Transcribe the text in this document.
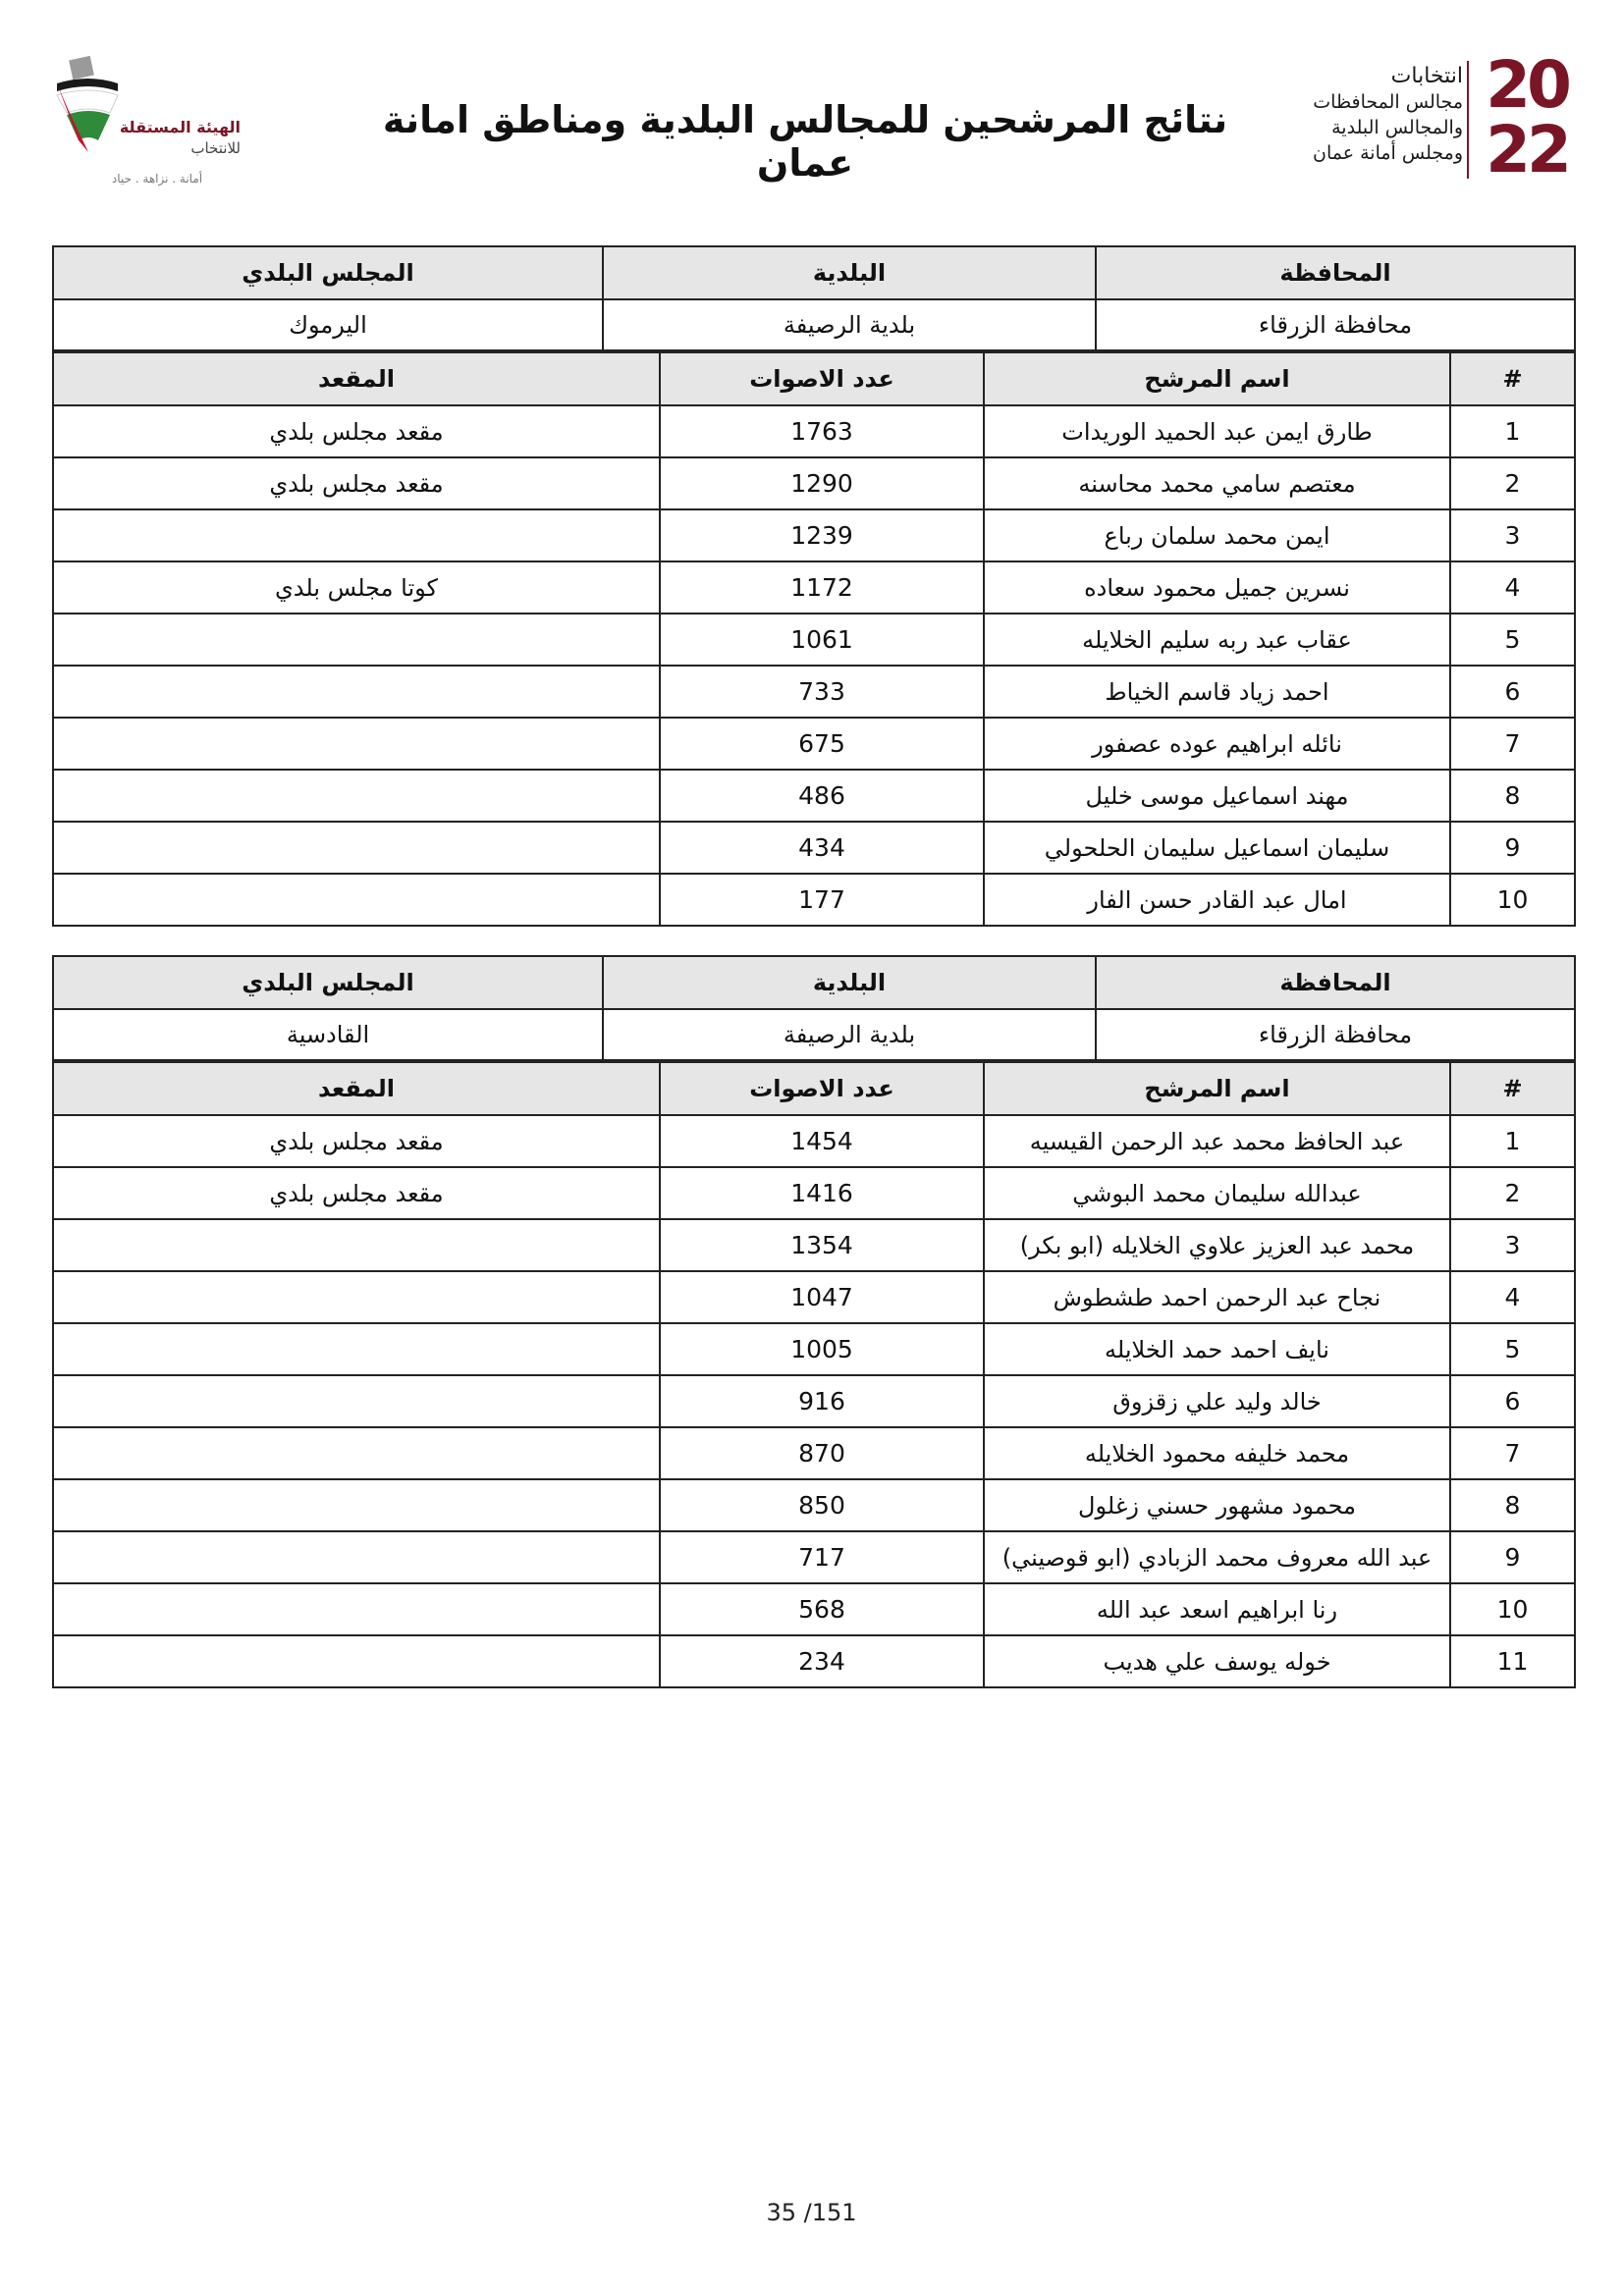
الهيئة المستقلة
للانتخاب
أمانة . نزاهة . حياد
نتائج المرشحين للمجالس البلدية ومناطق امانة عمان
انتخابات
مجالس المحافظات
والمجالس البلدية
ومجلس أمانة عمان
20
22
المحافظة	البلدية	المجلس البلدي
محافظة الزرقاء	بلدية الرصيفة	اليرموك
#	اسم المرشح	عدد الاصوات	المقعد
1	طارق ايمن عبد الحميد الوريدات	1763	مقعد مجلس بلدي
2	معتصم سامي محمد محاسنه	1290	مقعد مجلس بلدي
3	ايمن محمد سلمان رباع	1239	
4	نسرين جميل محمود سعاده	1172	كوتا مجلس بلدي
5	عقاب عبد ربه سليم الخلايله	1061	
6	احمد زياد قاسم الخياط	733	
7	نائله ابراهيم عوده عصفور	675	
8	مهند اسماعيل موسى خليل	486	
9	سليمان اسماعيل سليمان الحلحولي	434	
10	امال عبد القادر حسن الفار	177	
المحافظة	البلدية	المجلس البلدي
محافظة الزرقاء	بلدية الرصيفة	القادسية
#	اسم المرشح	عدد الاصوات	المقعد
1	عبد الحافظ محمد عبد الرحمن القيسيه	1454	مقعد مجلس بلدي
2	عبدالله سليمان محمد البوشي	1416	مقعد مجلس بلدي
3	محمد عبد العزيز علاوي الخلايله (ابو بكر)	1354	
4	نجاح عبد الرحمن احمد طشطوش	1047	
5	نايف احمد حمد الخلايله	1005	
6	خالد وليد علي زقزوق	916	
7	محمد خليفه محمود الخلايله	870	
8	محمود مشهور حسني زغلول	850	
9	عبد الله معروف محمد الزبادي (ابو قوصيني)	717	
10	رنا ابراهيم اسعد عبد الله	568	
11	خوله يوسف علي هديب	234	
35 /151
